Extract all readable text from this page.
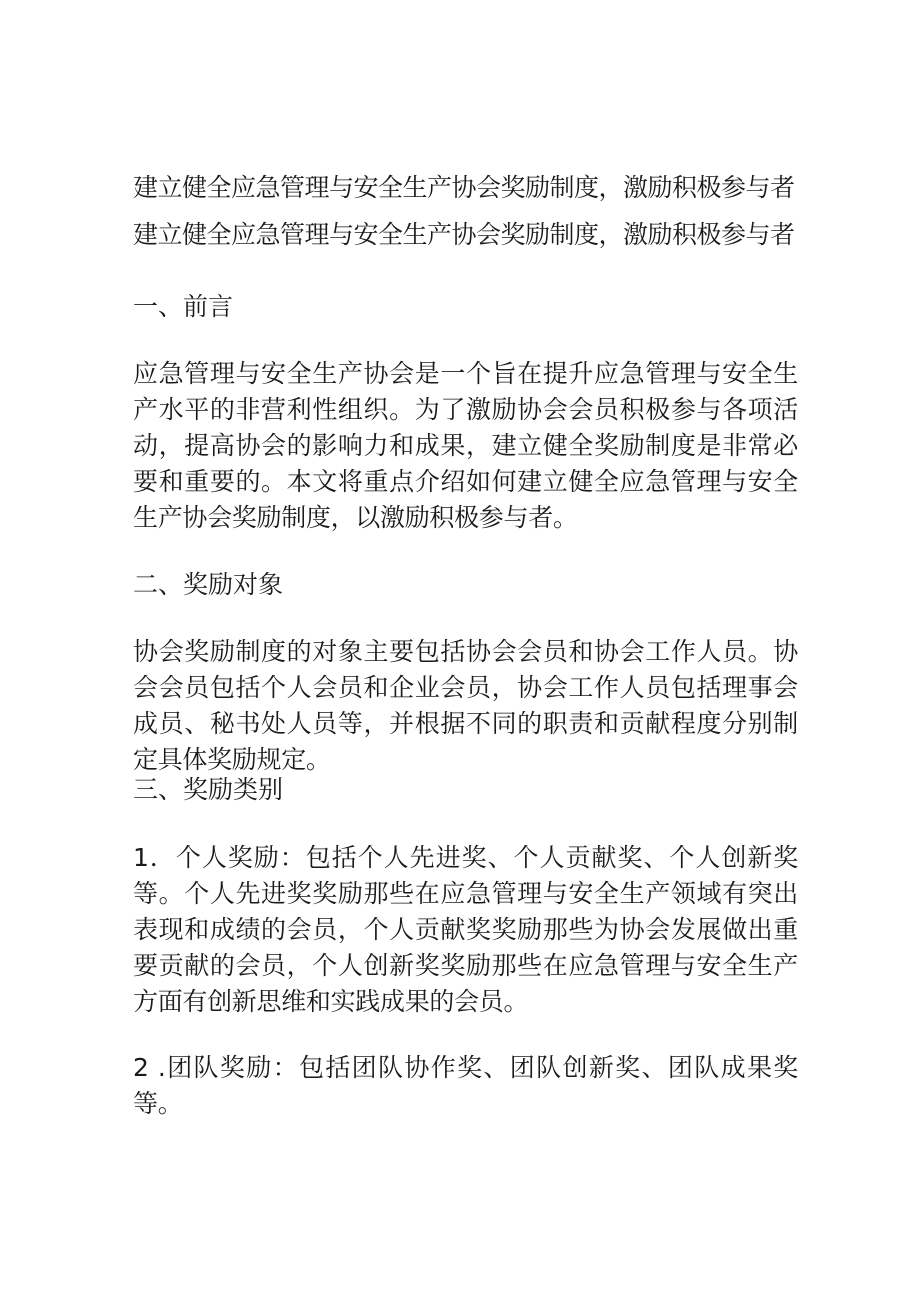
建立健全应急管理与安全生产协会奖励制度，激励积极参与者建立健全应急管理与安全生产协会奖励制度，激励积极参与者
一、前言

应急管理与安全生产协会是一个旨在提升应急管理与安全生产水平的非营利性组织。为了激励协会会员积极参与各项活动，提高协会的影响力和成果，建立健全奖励制度是非常必要和重要的。本文将重点介绍如何建立健全应急管理与安全生产协会奖励制度，以激励积极参与者。

二、奖励对象

协会奖励制度的对象主要包括协会会员和协会工作人员。协会会员包括个人会员和企业会员，协会工作人员包括理事会成员、秘书处人员等，并根据不同的职责和贡献程度分别制定具体奖励规定。

三、奖励类别

1．个人奖励：包括个人先进奖、个人贡献奖、个人创新奖等。个人先进奖奖励那些在应急管理与安全生产领域有突出表现和成绩的会员，个人贡献奖奖励那些为协会发展做出重要贡献的会员，个人创新奖奖励那些在应急管理与安全生产方面有创新思维和实践成果的会员。

2 .团队奖励：包括团队协作奖、团队创新奖、团队成果奖等。
